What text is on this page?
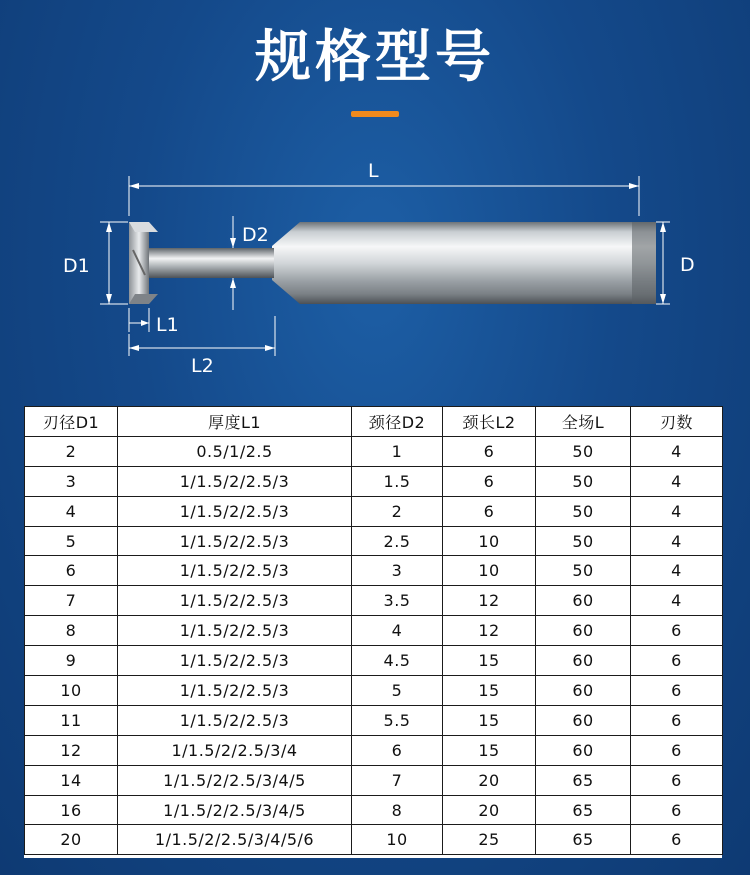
规格型号
L
D1
D2
D
L1
L2
刃径D1	厚度L1	颈径D2	颈长L2	全场L	刃数
2	0.5/1/2.5	1	6	50	4
3	1/1.5/2/2.5/3	1.5	6	50	4
4	1/1.5/2/2.5/3	2	6	50	4
5	1/1.5/2/2.5/3	2.5	10	50	4
6	1/1.5/2/2.5/3	3	10	50	4
7	1/1.5/2/2.5/3	3.5	12	60	4
8	1/1.5/2/2.5/3	4	12	60	6
9	1/1.5/2/2.5/3	4.5	15	60	6
10	1/1.5/2/2.5/3	5	15	60	6
11	1/1.5/2/2.5/3	5.5	15	60	6
12	1/1.5/2/2.5/3/4	6	15	60	6
14	1/1.5/2/2.5/3/4/5	7	20	65	6
16	1/1.5/2/2.5/3/4/5	8	20	65	6
20	1/1.5/2/2.5/3/4/5/6	10	25	65	6
